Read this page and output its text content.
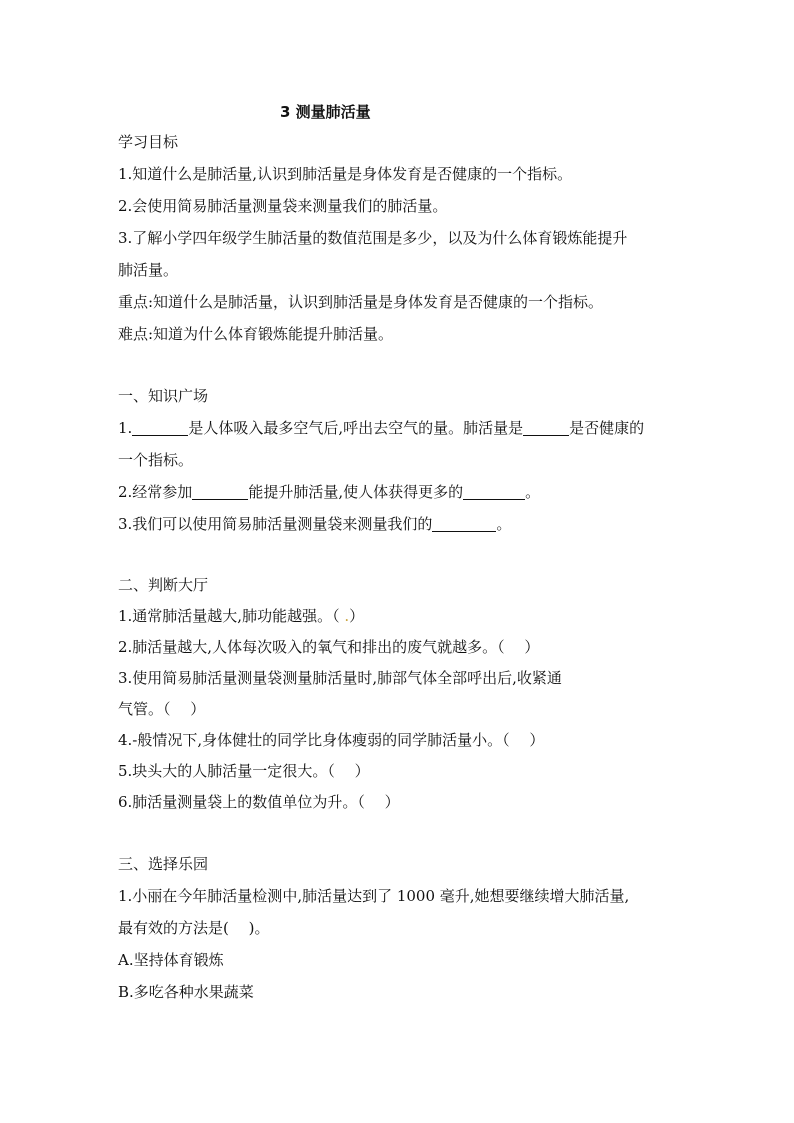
3 测量肺活量
学习目标
1.知道什么是肺活量,认识到肺活量是身体发育是否健康的一个指标。
2.会使用简易肺活量测量袋来测量我们的肺活量。
3.了解小学四年级学生肺活量的数值范围是多少，以及为什么体育锻炼能提升
肺活量。
重点:知道什么是肺活量，认识到肺活量是身体发育是否健康的一个指标。
难点:知道为什么体育锻炼能提升肺活量。
一、知识广场
1.	是人体吸入最多空气后,呼出去空气的量。肺活量是	是否健康的
一个指标。
2.经常参加	能提升肺活量,使人体获得更多的	。
3.我们可以使用简易肺活量测量袋来测量我们的	。
二、判断大厅
1.通常肺活量越大,肺功能越强。（ .）
2.肺活量越大,人体每次吸入的氧气和排出的废气就越多。（　 ）
3.使用简易肺活量测量袋测量肺活量时,肺部气体全部呼出后,收紧通
气管。（　 ）
4.-般情况下,身体健壮的同学比身体瘦弱的同学肺活量小。（　 ）
5.块头大的人肺活量一定很大。（　 ）
6.肺活量测量袋上的数值单位为升。（　 ）
三、选择乐园
1.小丽在今年肺活量检测中,肺活量达到了 1000 毫升,她想要继续增大肺活量,
最有效的方法是(　 )。
A.坚持体育锻炼
B.多吃各种水果蔬菜
